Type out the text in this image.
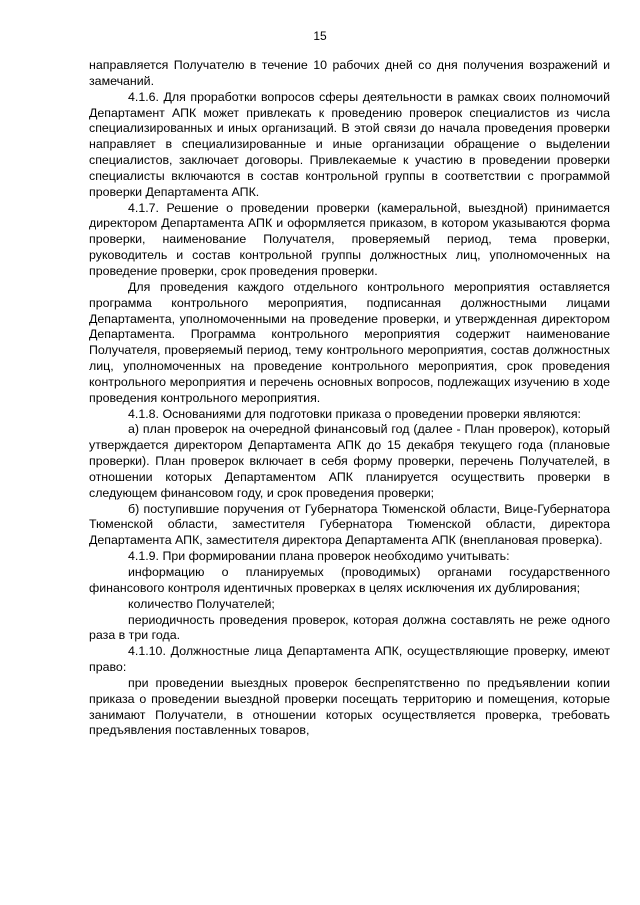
15

направляется Получателю в течение 10 рабочих дней со дня получения возражений и замечаний.

4.1.6. Для проработки вопросов сферы деятельности в рамках своих полномочий Департамент АПК может привлекать к проведению проверок специалистов из числа специализированных и иных организаций. В этой связи до начала проведения проверки направляет в специализированные и иные организации обращение о выделении специалистов, заключает договоры. Привлекаемые к участию в проведении проверки специалисты включаются в состав контрольной группы в соответствии с программой проверки Департамента АПК.

4.1.7. Решение о проведении проверки (камеральной, выездной) принимается директором Департамента АПК и оформляется приказом, в котором указываются форма проверки, наименование Получателя, проверяемый период, тема проверки, руководитель и состав контрольной группы должностных лиц, уполномоченных на проведение проверки, срок проведения проверки.

Для проведения каждого отдельного контрольного мероприятия оставляется программа контрольного мероприятия, подписанная должностными лицами Департамента, уполномоченными на проведение проверки, и утвержденная директором Департамента. Программа контрольного мероприятия содержит наименование Получателя, проверяемый период, тему контрольного мероприятия, состав должностных лиц, уполномоченных на проведение контрольного мероприятия, срок проведения контрольного мероприятия и перечень основных вопросов, подлежащих изучению в ходе проведения контрольного мероприятия.

4.1.8. Основаниями для подготовки приказа о проведении проверки являются:

а) план проверок на очередной финансовый год (далее - План проверок), который утверждается директором Департамента АПК до 15 декабря текущего года (плановые проверки). План проверок включает в себя форму проверки, перечень Получателей, в отношении которых Департаментом АПК планируется осуществить проверки в следующем финансовом году, и срок проведения проверки;

б) поступившие поручения от Губернатора Тюменской области, Вице-Губернатора Тюменской области, заместителя Губернатора Тюменской области, директора Департамента АПК, заместителя директора Департамента АПК (внеплановая проверка).

4.1.9. При формировании плана проверок необходимо учитывать:

информацию о планируемых (проводимых) органами государственного финансового контроля идентичных проверках в целях исключения их дублирования;

количество Получателей;

периодичность проведения проверок, которая должна составлять не реже одного раза в три года.

4.1.10. Должностные лица Департамента АПК, осуществляющие проверку, имеют право:

при проведении выездных проверок беспрепятственно по предъявлении копии приказа о проведении выездной проверки посещать территорию и помещения, которые занимают Получатели, в отношении которых осуществляется проверка, требовать предъявления поставленных товаров,
